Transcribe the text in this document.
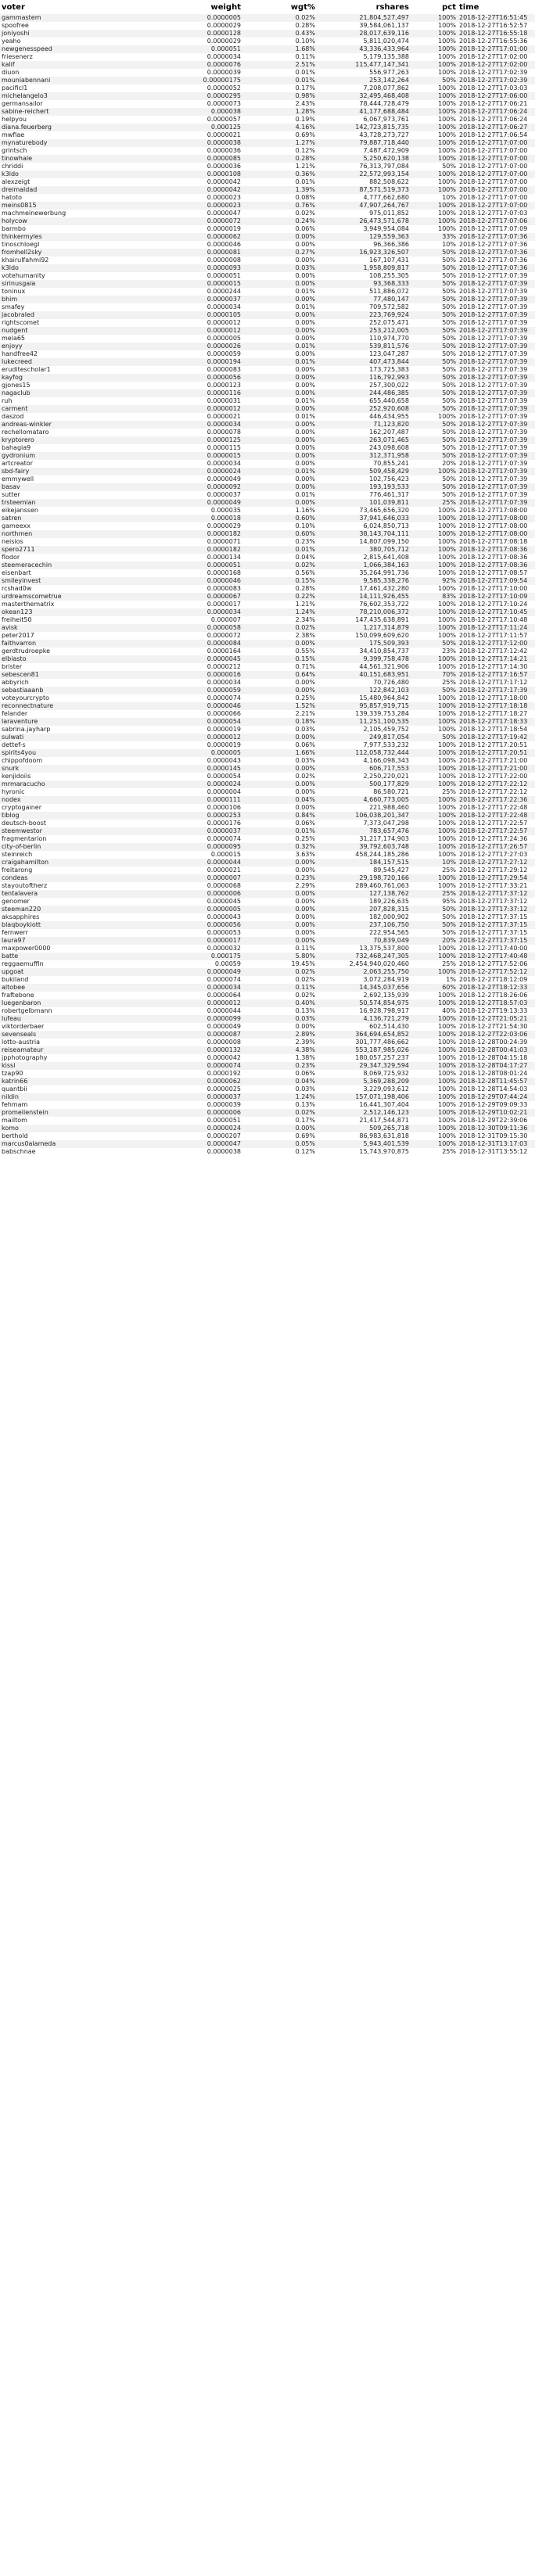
voter	weight	wgt%	rshares	pct	time
gammastem	0.0000005	0.02%	21,804,527,497	100%	2018-12-27T16:51:45
spoofree	0.0000029	0.28%	39,584,061,137	100%	2018-12-27T16:52:57
joniyoshi	0.0000128	0.43%	28,017,639,116	100%	2018-12-27T16:55:18
yeaho	0.0000029	0.10%	5,811,020,474	100%	2018-12-27T16:55:36
newgenesspeed	0.000051	1.68%	43,336,433,964	100%	2018-12-27T17:01:00
friesenerz	0.0000034	0.11%	5,179,135,388	100%	2018-12-27T17:02:00
kalif	0.0000076	2.51%	115,477,147,341	100%	2018-12-27T17:02:00
diuon	0.0000039	0.01%	556,977,263	100%	2018-12-27T17:02:39
mouniabennani	0.00000175	0.01%	253,142,264	50%	2018-12-27T17:02:39
pacificl1	0.0000052	0.17%	7,208,077,862	100%	2018-12-27T17:03:03
michelangelo3	0.0000295	0.98%	32,495,468,408	100%	2018-12-27T17:06:00
germansailor	0.0000073	2.43%	78,444,728,479	100%	2018-12-27T17:06:21
sabine-reichert	0.000038	1.28%	41,177,688,484	100%	2018-12-27T17:06:24
helpyou	0.0000057	0.19%	6,067,973,761	100%	2018-12-27T17:06:24
diana.feuerberg	0.000125	4.16%	142,723,815,735	100%	2018-12-27T17:06:27
mwfiae	0.0000021	0.69%	43,728,273,727	100%	2018-12-27T17:06:54
mynaturebody	0.0000038	1.27%	79,887,718,440	100%	2018-12-27T17:07:00
grintsch	0.0000036	0.12%	7,487,472,909	100%	2018-12-27T17:07:00
tinowhale	0.0000085	0.28%	5,250,620,138	100%	2018-12-27T17:07:00
chriddi	0.0000036	1.21%	76,313,797,084	50%	2018-12-27T17:07:00
k3ldo	0.0000108	0.36%	22,572,993,154	100%	2018-12-27T17:07:00
alexzeigt	0.0000042	0.01%	882,508,622	100%	2018-12-27T17:07:00
dreimaldad	0.0000042	1.39%	87,571,519,373	100%	2018-12-27T17:07:00
hatoto	0.0000023	0.08%	4,777,662,680	10%	2018-12-27T17:07:00
meins0815	0.0000023	0.76%	47,907,264,767	100%	2018-12-27T17:07:00
machmeinewerbung	0.0000047	0.02%	975,011,852	100%	2018-12-27T17:07:03
holycow	0.0000072	0.24%	26,473,571,678	100%	2018-12-27T17:07:06
barmbo	0.0000019	0.06%	3,949,954,084	100%	2018-12-27T17:07:09
thinkermyles	0.0000062	0.00%	129,559,363	33%	2018-12-27T17:07:36
tinoschloegl	0.0000046	0.00%	96,366,386	10%	2018-12-27T17:07:36
fromhell2sky	0.0000081	0.27%	16,923,326,507	50%	2018-12-27T17:07:36
khairulfahmi92	0.0000008	0.00%	167,107,431	50%	2018-12-27T17:07:36
k3ldo	0.0000093	0.03%	1,958,809,817	50%	2018-12-27T17:07:36
votehumanity	0.0000051	0.00%	108,255,305	50%	2018-12-27T17:07:39
sirinusgaia	0.0000015	0.00%	93,368,333	50%	2018-12-27T17:07:39
toninux	0.0000244	0.01%	511,886,072	50%	2018-12-27T17:07:39
bhim	0.0000037	0.00%	77,480,147	50%	2018-12-27T17:07:39
smafey	0.0000034	0.01%	709,572,582	50%	2018-12-27T17:07:39
jacobraled	0.0000105	0.00%	223,769,924	50%	2018-12-27T17:07:39
rightscomet	0.0000012	0.00%	252,075,471	50%	2018-12-27T17:07:39
nudgent	0.0000012	0.00%	253,212,005	50%	2018-12-27T17:07:39
mela65	0.0000005	0.00%	110,974,770	50%	2018-12-27T17:07:39
enjoyy	0.0000026	0.01%	539,811,576	50%	2018-12-27T17:07:39
handfree42	0.0000059	0.00%	123,047,287	50%	2018-12-27T17:07:39
lukecreed	0.0000194	0.01%	407,473,844	50%	2018-12-27T17:07:39
eruditescholar1	0.0000083	0.00%	173,725,383	50%	2018-12-27T17:07:39
kayfog	0.0000056	0.00%	116,792,993	50%	2018-12-27T17:07:39
gjones15	0.0000123	0.00%	257,300,022	50%	2018-12-27T17:07:39
nagaclub	0.0000116	0.00%	244,486,385	50%	2018-12-27T17:07:39
ruh	0.0000031	0.01%	655,440,658	50%	2018-12-27T17:07:39
carment	0.0000012	0.00%	252,920,608	50%	2018-12-27T17:07:39
daszod	0.0000021	0.01%	446,434,955	100%	2018-12-27T17:07:39
andreas-winkler	0.0000034	0.00%	71,123,820	50%	2018-12-27T17:07:39
rechellomataro	0.0000078	0.00%	162,207,487	50%	2018-12-27T17:07:39
kryptorero	0.0000125	0.00%	263,071,465	50%	2018-12-27T17:07:39
bahagia9	0.0000115	0.00%	243,098,608	50%	2018-12-27T17:07:39
gydronium	0.0000015	0.00%	312,371,958	50%	2018-12-27T17:07:39
artcreator	0.0000034	0.00%	70,855,241	20%	2018-12-27T17:07:39
sbd-fairy	0.0000024	0.01%	509,458,429	100%	2018-12-27T17:07:39
emmywell	0.0000049	0.00%	102,756,423	50%	2018-12-27T17:07:39
basav	0.0000092	0.00%	193,193,533	50%	2018-12-27T17:07:39
sutter	0.0000037	0.01%	776,461,317	50%	2018-12-27T17:07:39
trsteemian	0.0000049	0.00%	101,039,811	25%	2018-12-27T17:07:39
eikejanssen	0.000035	1.16%	73,465,656,320	100%	2018-12-27T17:08:00
satren	0.000018	0.60%	37,941,646,033	100%	2018-12-27T17:08:00
gameexx	0.0000029	0.10%	6,024,850,713	100%	2018-12-27T17:08:00
northmen	0.0000182	0.60%	38,143,704,111	100%	2018-12-27T17:08:00
neisios	0.0000071	0.23%	14,807,099,150	100%	2018-12-27T17:08:18
spero2711	0.0000182	0.01%	380,705,712	100%	2018-12-27T17:08:36
flodor	0.0000134	0.04%	2,815,641,408	100%	2018-12-27T17:08:36
steemeracechin	0.0000051	0.02%	1,066,384,163	100%	2018-12-27T17:08:36
eisenbart	0.0000168	0.56%	35,264,991,736	100%	2018-12-27T17:08:57
smileyinvest	0.0000046	0.15%	9,585,338,276	92%	2018-12-27T17:09:54
rcshad0w	0.0000083	0.28%	17,461,432,280	100%	2018-12-27T17:10:00
urdreamscometrue	0.0000067	0.22%	14,111,926,455	83%	2018-12-27T17:10:09
masterthematrix	0.0000017	1.21%	76,602,353,722	100%	2018-12-27T17:10:24
okean123	0.0000034	1.24%	78,210,006,372	100%	2018-12-27T17:10:45
freiheit50	0.000007	2.34%	147,435,638,891	100%	2018-12-27T17:10:48
avisk	0.0000058	0.02%	1,217,314,879	100%	2018-12-27T17:11:24
peter2017	0.0000072	2.38%	150,099,609,620	100%	2018-12-27T17:11:57
faithvarron	0.0000084	0.00%	175,509,393	50%	2018-12-27T17:12:00
gerdtrudroepke	0.0000164	0.55%	34,410,854,737	23%	2018-12-27T17:12:42
elbiasto	0.0000045	0.15%	9,399,758,478	100%	2018-12-27T17:14:21
brister	0.0000212	0.71%	44,561,321,906	100%	2018-12-27T17:14:30
sebescen81	0.0000016	0.64%	40,151,683,951	70%	2018-12-27T17:16:57
abbyrich	0.0000034	0.00%	70,726,480	25%	2018-12-27T17:17:12
sebastiaaanb	0.0000059	0.00%	122,842,103	50%	2018-12-27T17:17:39
voteyourcrypto	0.0000074	0.25%	15,480,964,842	100%	2018-12-27T17:18:00
reconnectnature	0.0000046	1.52%	95,857,919,715	100%	2018-12-27T17:18:18
felander	0.0000066	2.21%	139,339,753,284	100%	2018-12-27T17:18:27
laraventure	0.0000054	0.18%	11,251,100,535	100%	2018-12-27T17:18:33
sabrina.jayharp	0.0000019	0.03%	2,105,459,752	100%	2018-12-27T17:18:54
sulwati	0.0000012	0.00%	249,817,054	50%	2018-12-27T17:19:42
dettef-s	0.0000019	0.06%	7,977,533,232	100%	2018-12-27T17:20:51
spirits4you	0.000005	1.66%	112,058,732,444	100%	2018-12-27T17:20:51
chippofdoom	0.0000043	0.03%	4,166,098,343	100%	2018-12-27T17:21:00
snurk	0.0000145	0.00%	606,717,553	100%	2018-12-27T17:21:00
kenjidoiis	0.0000054	0.02%	2,250,220,021	100%	2018-12-27T17:22:00
mrmaracucho	0.0000024	0.00%	500,177,829	100%	2018-12-27T17:22:12
hyronic	0.0000004	0.00%	86,580,721	25%	2018-12-27T17:22:12
nodex	0.0000111	0.04%	4,660,773,005	100%	2018-12-27T17:22:36
cryptogainer	0.0000106	0.00%	221,988,460	100%	2018-12-27T17:22:48
tiblog	0.0000253	0.84%	106,038,201,347	100%	2018-12-27T17:22:48
deutsch-boost	0.0000176	0.06%	7,373,047,298	100%	2018-12-27T17:22:57
steemwestor	0.0000037	0.01%	783,657,476	100%	2018-12-27T17:22:57
fragmentarion	0.0000074	0.25%	31,217,174,903	100%	2018-12-27T17:24:36
city-of-berlin	0.0000095	0.32%	39,792,603,748	100%	2018-12-27T17:26:57
steinreich	0.000015	3.63%	458,244,185,286	100%	2018-12-27T17:27:03
craigahamilton	0.0000044	0.00%	184,157,515	10%	2018-12-27T17:27:12
freitarong	0.0000021	0.00%	89,545,427	25%	2018-12-27T17:29:12
condeas	0.0000007	0.23%	29,198,720,166	100%	2018-12-27T17:29:54
stayoutoftherz	0.0000068	2.29%	289,460,761,063	100%	2018-12-27T17:33:21
tentalavera	0.0000006	0.00%	127,138,762	25%	2018-12-27T17:37:12
genomer	0.0000045	0.00%	189,226,635	95%	2018-12-27T17:37:12
steeman220	0.0000005	0.00%	207,828,315	50%	2018-12-27T17:37:12
aksapphires	0.0000043	0.00%	182,000,902	50%	2018-12-27T17:37:15
blaqboykiott	0.0000056	0.00%	237,106,750	50%	2018-12-27T17:37:15
fernwerr	0.0000053	0.00%	222,954,565	50%	2018-12-27T17:37:15
laura97	0.0000017	0.00%	70,839,049	20%	2018-12-27T17:37:15
maxpower0000	0.0000032	0.11%	13,375,537,800	100%	2018-12-27T17:40:00
batte	0.000175	5.80%	732,468,247,305	100%	2018-12-27T17:40:48
reggaemuffin	0.00059	19.45%	2,454,940,020,460	25%	2018-12-27T17:52:06
upgoat	0.0000049	0.02%	2,063,255,750	100%	2018-12-27T17:52:12
bukiland	0.0000074	0.02%	3,072,284,919	1%	2018-12-27T18:12:09
altobee	0.0000034	0.11%	14,345,037,656	60%	2018-12-27T18:12:33
fraftebone	0.0000064	0.02%	2,692,135,939	100%	2018-12-27T18:26:06
luegenbaron	0.0000012	0.40%	50,574,854,975	100%	2018-12-27T18:57:03
robertgelbmann	0.0000044	0.13%	16,928,798,917	40%	2018-12-27T19:13:33
lufeau	0.0000099	0.03%	4,136,721,279	100%	2018-12-27T21:05:21
viktorderbaer	0.0000049	0.00%	602,514,430	100%	2018-12-27T21:54:30
sevenseals	0.0000087	2.89%	364,694,654,852	100%	2018-12-27T22:03:06
lotto-austria	0.0000008	2.39%	301,777,486,662	100%	2018-12-28T00:24:39
reiseamateur	0.0000132	4.38%	553,187,985,026	100%	2018-12-28T00:41:03
jpphotography	0.0000042	1.38%	180,057,257,237	100%	2018-12-28T04:15:18
kissi	0.0000074	0.23%	29,347,329,594	100%	2018-12-28T04:17:27
tzap90	0.0000192	0.06%	8,069,725,932	100%	2018-12-28T08:01:24
katrin66	0.0000062	0.04%	5,369,288,209	100%	2018-12-28T11:45:57
quantbii	0.0000025	0.03%	3,229,093,612	100%	2018-12-28T14:54:03
nildin	0.0000037	1.24%	157,071,198,406	100%	2018-12-29T07:44:24
fehmam	0.0000039	0.13%	16,441,307,404	100%	2018-12-29T09:09:33
promeilenstein	0.0000006	0.02%	2,512,146,123	100%	2018-12-29T10:02:21
mailtom	0.0000051	0.17%	21,417,544,871	100%	2018-12-29T22:39:06
komo	0.0000024	0.00%	509,265,718	100%	2018-12-30T09:11:36
berthold	0.0000207	0.69%	86,983,631,818	100%	2018-12-31T09:15:30
marcus0alameda	0.0000047	0.05%	5,943,401,539	100%	2018-12-31T13:17:03
babschnae	0.0000038	0.12%	15,743,970,875	25%	2018-12-31T13:55:12
